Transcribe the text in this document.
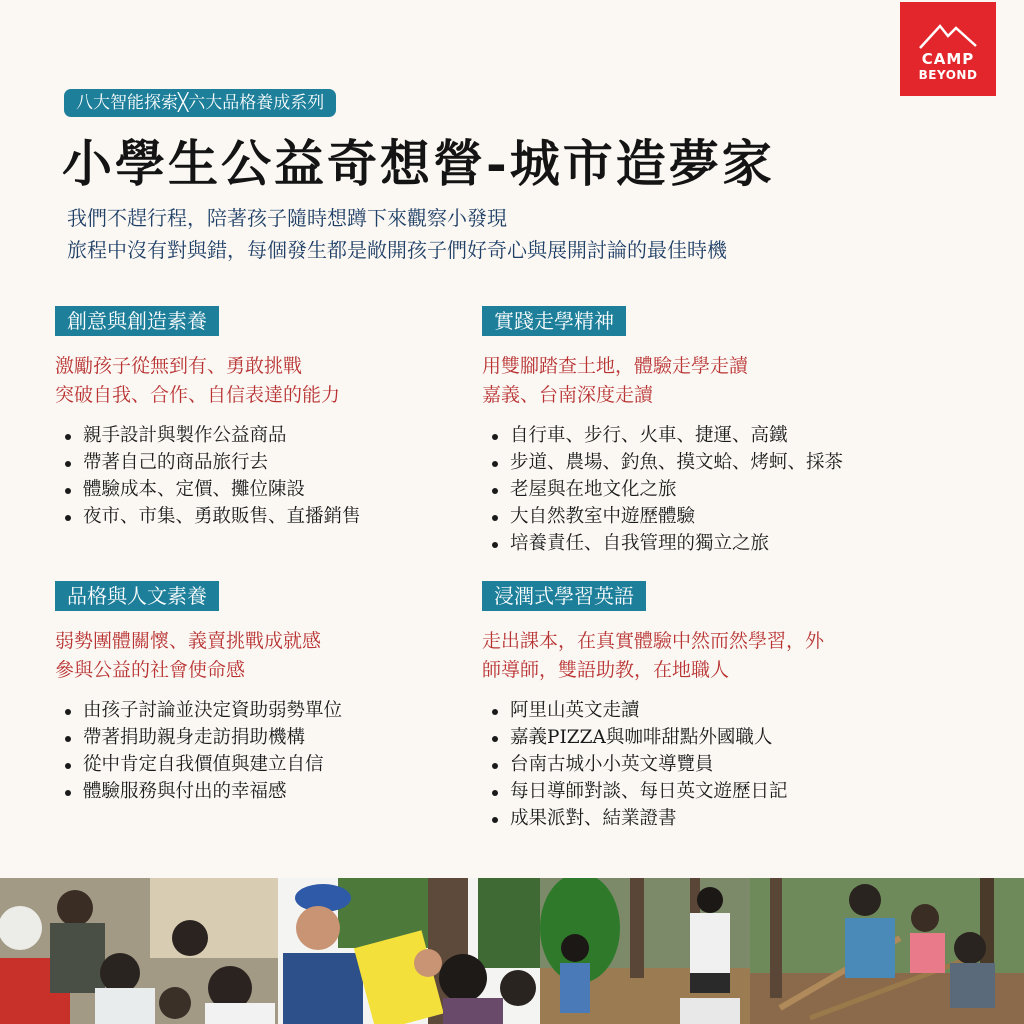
CAMP
BEYOND
八大智能探索╳六大品格養成系列
小學生公益奇想營-城市造夢家
我們不趕行程，陪著孩子隨時想蹲下來觀察小發現
旅程中沒有對與錯，每個發生都是敞開孩子們好奇心與展開討論的最佳時機
創意與創造素養
激勵孩子從無到有、勇敢挑戰
突破自我、合作、自信表達的能力
親手設計與製作公益商品
帶著自己的商品旅行去
體驗成本、定價、攤位陳設
夜市、市集、勇敢販售、直播銷售
實踐走學精神
用雙腳踏查土地，體驗走學走讀
嘉義、台南深度走讀
自行車、步行、火車、捷運、高鐵
步道、農場、釣魚、摸文蛤、烤蚵、採茶
老屋與在地文化之旅
大自然教室中遊歷體驗
培養責任、自我管理的獨立之旅
品格與人文素養
弱勢團體關懷、義賣挑戰成就感
參與公益的社會使命感
由孩子討論並決定資助弱勢單位
帶著捐助親身走訪捐助機構
從中肯定自我價值與建立自信
體驗服務與付出的幸福感
浸潤式學習英語
走出課本，在真實體驗中然而然學習，外
師導師，雙語助教，在地職人
阿里山英文走讀
嘉義PIZZA與咖啡甜點外國職人
台南古城小小英文導覽員
每日導師對談、每日英文遊歷日記
成果派對、結業證書
